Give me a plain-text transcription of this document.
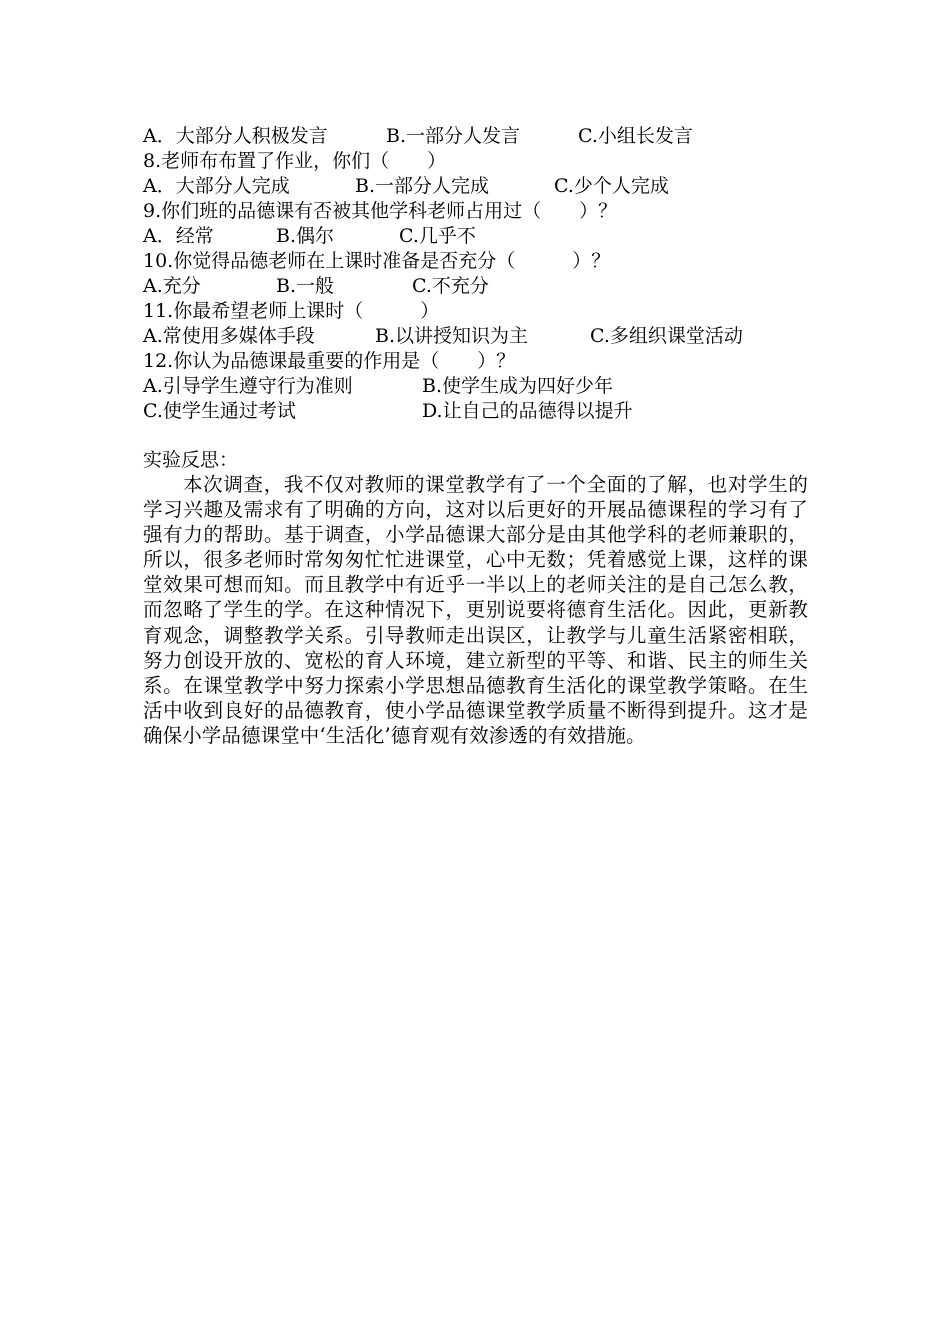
A．大部分人积极发言

	B.一部分人发言

	C.小组长发言

8.老师布布置了作业，你们（　　）

A．大部分人完成

	B.一部分人完成

	C.少个人完成

9.你们班的品德课有否被其他学科老师占用过（　　）？

A．经常

	B.偶尔

	C.几乎不

10.你觉得品德老师在上课时准备是否充分（　　　）？

A.充分

	B.一般

	C.不充分

11.你最希望老师上课时（　　　）

A.常使用多媒体手段

	B.以讲授知识为主

	C.多组织课堂活动

12.你认为品德课最重要的作用是（　　）？

A.引导学生遵守行为准则

	B.使学生成为四好少年

C.使学生通过考试

	D.让自己的品德得以提升

实验反思：
本次调查，我不仅对教师的课堂教学有了一个全面的了解，也对学生的学习兴趣及需求有了明确的方向，这对以后更好的开展品德课程的学习有了强有力的帮助。基于调查，小学品德课大部分是由其他学科的老师兼职的，所以，很多老师时常匆匆忙忙进课堂，心中无数；凭着感觉上课，这样的课堂效果可想而知。而且教学中有近乎一半以上的老师关注的是自己怎么教，而忽略了学生的学。在这种情况下，更别说要将德育生活化。因此，更新教育观念，调整教学关系。引导教师走出误区，让教学与儿童生活紧密相联，努力创设开放的、宽松的育人环境，建立新型的平等、和谐、民主的师生关系。在课堂教学中努力探索小学思想品德教育生活化的课堂教学策略。在生活中收到良好的品德教育，使小学品德课堂教学质量不断得到提升。这才是确保小学品德课堂中‘生活化’德育观有效渗透的有效措施。
